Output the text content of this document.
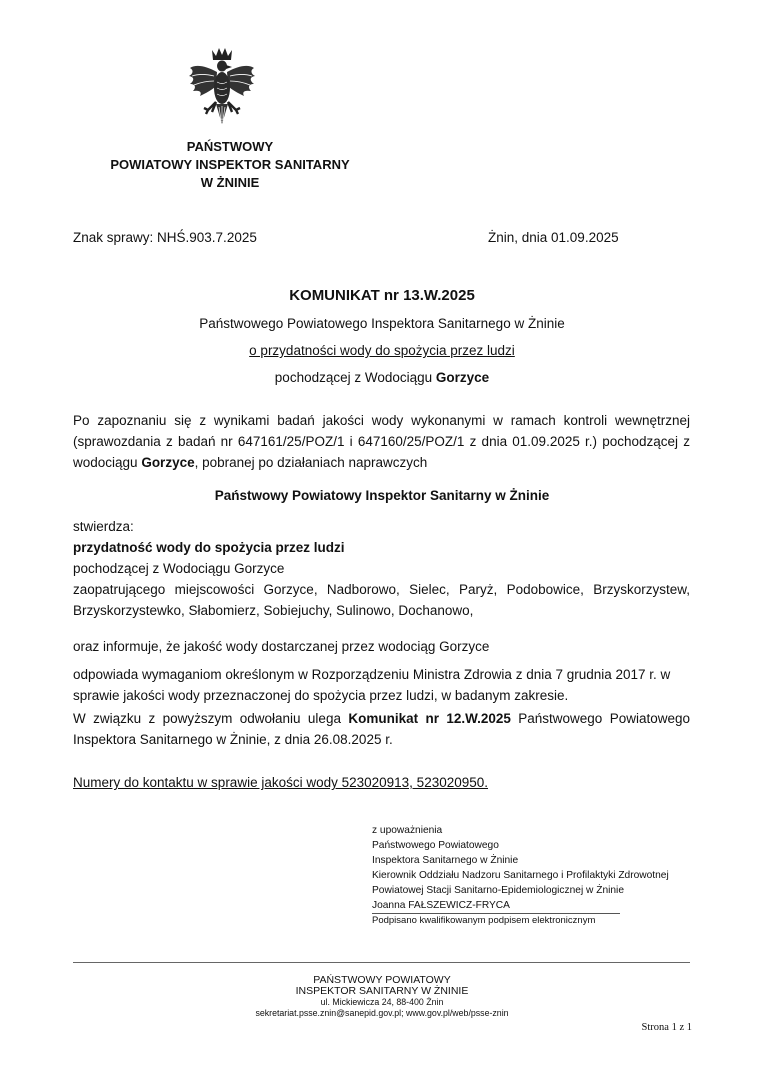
PAŃSTWOWY
POWIATOWY INSPEKTOR SANITARNY
W ŻNINIE
Znak sprawy: NHŚ.903.7.2025	Żnin, dnia 01.09.2025
KOMUNIKAT nr 13.W.2025
Państwowego Powiatowego Inspektora Sanitarnego w Żninie
o przydatności wody do spożycia przez ludzi
pochodzącej z Wodociągu Gorzyce
Po zapoznaniu się z wynikami badań jakości wody wykonanymi w ramach kontroli wewnętrznej (sprawozdania z badań nr 647161/25/POZ/1 i 647160/25/POZ/1 z dnia 01.09.2025 r.) pochodzącej z wodociągu Gorzyce, pobranej po działaniach naprawczych
Państwowy Powiatowy Inspektor Sanitarny w Żninie
stwierdza:
przydatność wody do spożycia przez ludzi
pochodzącej z Wodociągu Gorzyce
zaopatrującego miejscowości Gorzyce, Nadborowo, Sielec, Paryż, Podobowice, Brzyskorzystew, Brzyskorzystewko, Słabomierz, Sobiejuchy, Sulinowo, Dochanowo,
oraz informuje, że jakość wody dostarczanej przez wodociąg Gorzyce
odpowiada wymaganiom określonym w Rozporządzeniu Ministra Zdrowia z dnia 7 grudnia 2017 r. w sprawie jakości wody przeznaczonej do spożycia przez ludzi, w badanym zakresie.
W związku z powyższym odwołaniu ulega Komunikat nr 12.W.2025 Państwowego Powiatowego Inspektora Sanitarnego w Żninie, z dnia 26.08.2025 r.
Numery do kontaktu w sprawie jakości wody 523020913, 523020950.
z upoważnienia
Państwowego Powiatowego
Inspektora Sanitarnego w Żninie
Kierownik Oddziału Nadzoru Sanitarnego i Profilaktyki Zdrowotnej
Powiatowej Stacji Sanitarno-Epidemiologicznej w Żninie
Joanna FAŁSZEWICZ-FRYCA
Podpisano kwalifikowanym podpisem elektronicznym
PAŃSTWOWY POWIATOWY
INSPEKTOR SANITARNY W ŻNINIE
ul. Mickiewicza 24, 88-400 Żnin
sekretariat.psse.znin@sanepid.gov.pl; www.gov.pl/web/psse-znin
Strona 1 z 1
